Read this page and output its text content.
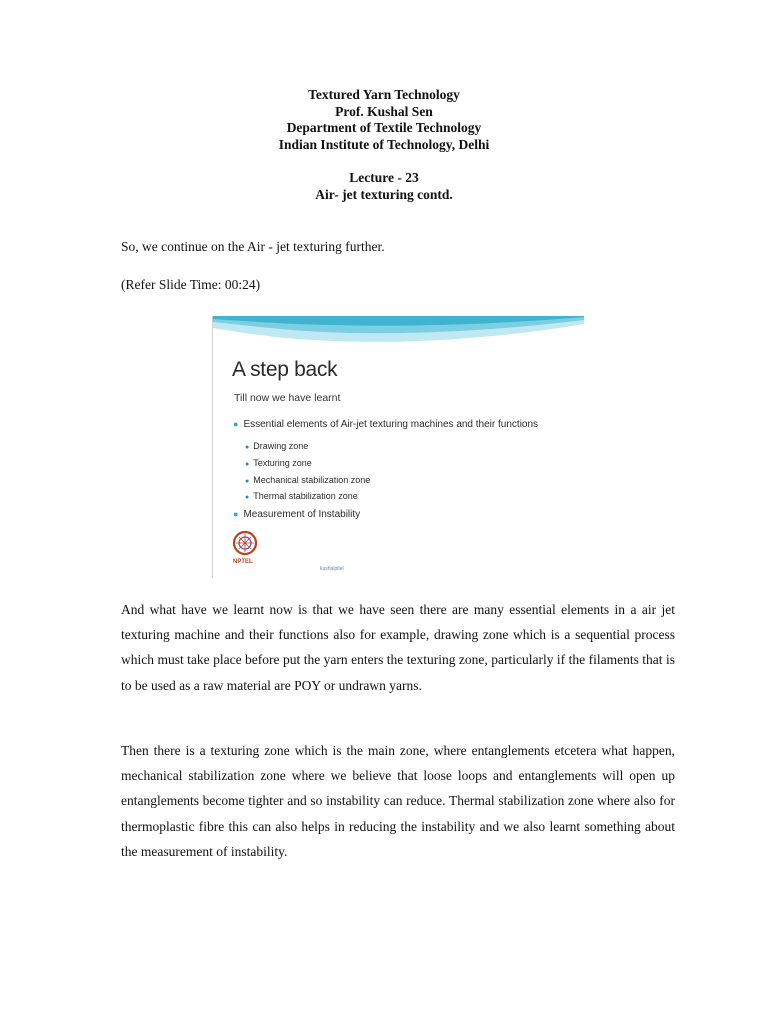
Textured Yarn Technology
Prof. Kushal Sen
Department of Textile Technology
Indian Institute of Technology, Delhi
Lecture - 23
Air- jet texturing contd.

So, we continue on the Air - jet texturing further.

(Refer Slide Time: 00:24)

A step back
Till now we have learnt
● Essential elements of Air-jet texturing machines and their functions
● Drawing zone
● Texturing zone
● Mechanical stabilization zone
● Thermal stabilization zone
● Measurement of Instability
NPTEL
kushalpitel

And what have we learnt now is that we have seen there are many essential elements in a air jet texturing machine and their functions also for example, drawing zone which is a sequential process which must take place before put the yarn enters the texturing zone, particularly if the filaments that is to be used as a raw material are POY or undrawn yarns.

Then there is a texturing zone which is the main zone, where entanglements etcetera what happen, mechanical stabilization zone where we believe that loose loops and entanglements will open up entanglements become tighter and so instability can reduce. Thermal stabilization zone where also for thermoplastic fibre this can also helps in reducing the instability and we also learnt something about the measurement of instability.
